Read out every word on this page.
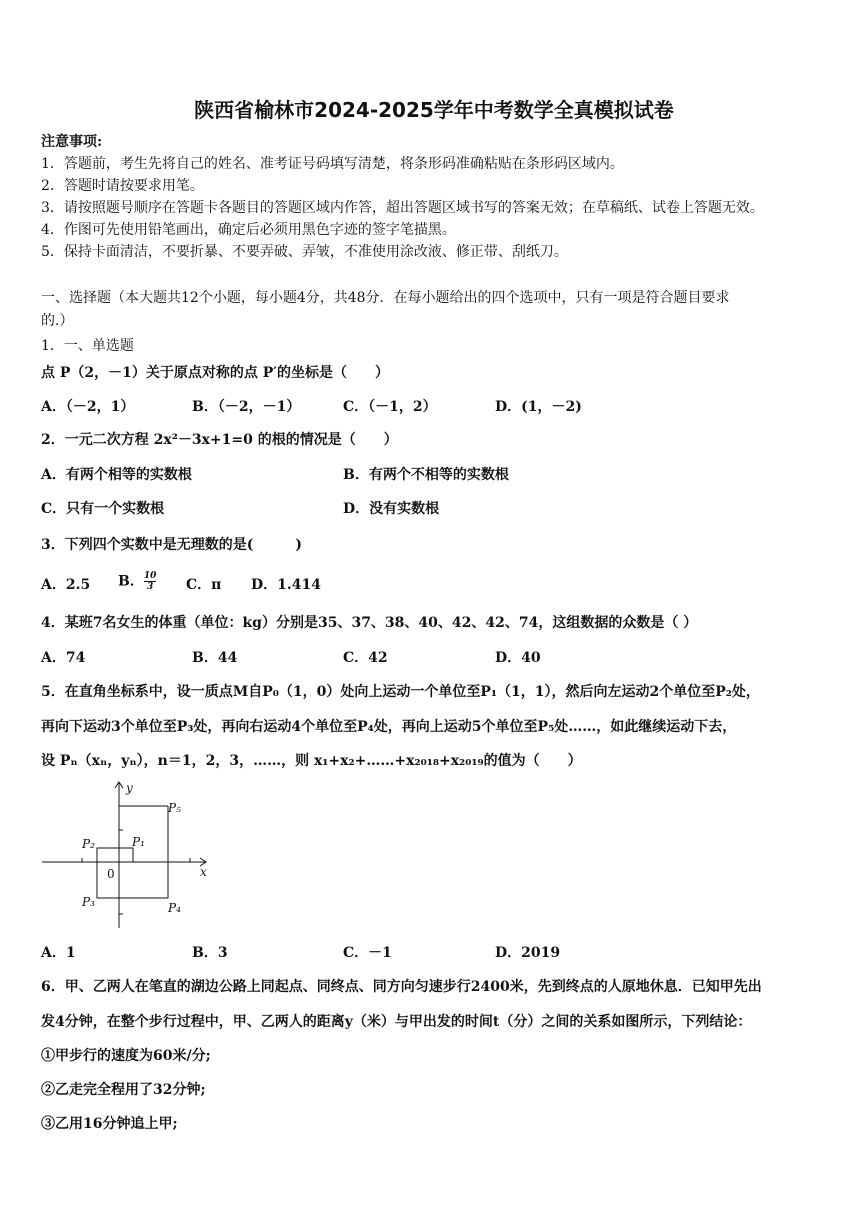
陕西省榆林市2024-2025学年中考数学全真模拟试卷
注意事项:
1．答题前，考生先将自己的姓名、准考证号码填写清楚，将条形码准确粘贴在条形码区域内。
2．答题时请按要求用笔。
3．请按照题号顺序在答题卡各题目的答题区域内作答，超出答题区域书写的答案无效；在草稿纸、试卷上答题无效。
4．作图可先使用铅笔画出，确定后必须用黑色字迹的签字笔描黑。
5．保持卡面清洁，不要折暴、不要弄破、弄皱，不准使用涂改液、修正带、刮纸刀。
一、选择题（本大题共12个小题，每小题4分，共48分．在每小题给出的四个选项中，只有一项是符合题目要求
的.）
1．一、单选题
点 P（2，－1）关于原点对称的点 P′的坐标是（　　）
A．（－2，1）	B．（－2，－1）	C．（－1，2）	D．(1，－2)
2．一元二次方程 2x²－3x+1=0 的根的情况是（　　）
A．有两个相等的实数根	B．有两个不相等的实数根
C．只有一个实数根	D．没有实数根
3．下列四个实数中是无理数的是(　　　)
A．2.5 B． $\frac{10}{3}$ C．π D．1.414
4．某班7名女生的体重（单位：kg）分别是35、37、38、40、42、42、74，这组数据的众数是（ ）
A．74	B．44	C．42	D．40
5．在直角坐标系中，设一质点M自P₀（1，0）处向上运动一个单位至P₁（1，1），然后向左运动2个单位至P₂处，
再向下运动3个单位至P₃处，再向右运动4个单位至P₄处，再向上运动5个单位至P₅处……，如此继续运动下去，
设 Pₙ（xₙ，yₙ），n＝1，2，3，……，则 x₁+x₂+……+x₂₀₁₈+x₂₀₁₉的值为（　　）
y
x
0
P₁
P₂
P₃	P₄
P₅
A．1	B．3	C．－1	D．2019
6．甲、乙两人在笔直的湖边公路上同起点、同终点、同方向匀速步行2400米，先到终点的人原地休息．已知甲先出
发4分钟，在整个步行过程中，甲、乙两人的距离y（米）与甲出发的时间t（分）之间的关系如图所示，下列结论：
①甲步行的速度为60米/分;
②乙走完全程用了32分钟;
③乙用16分钟追上甲;
